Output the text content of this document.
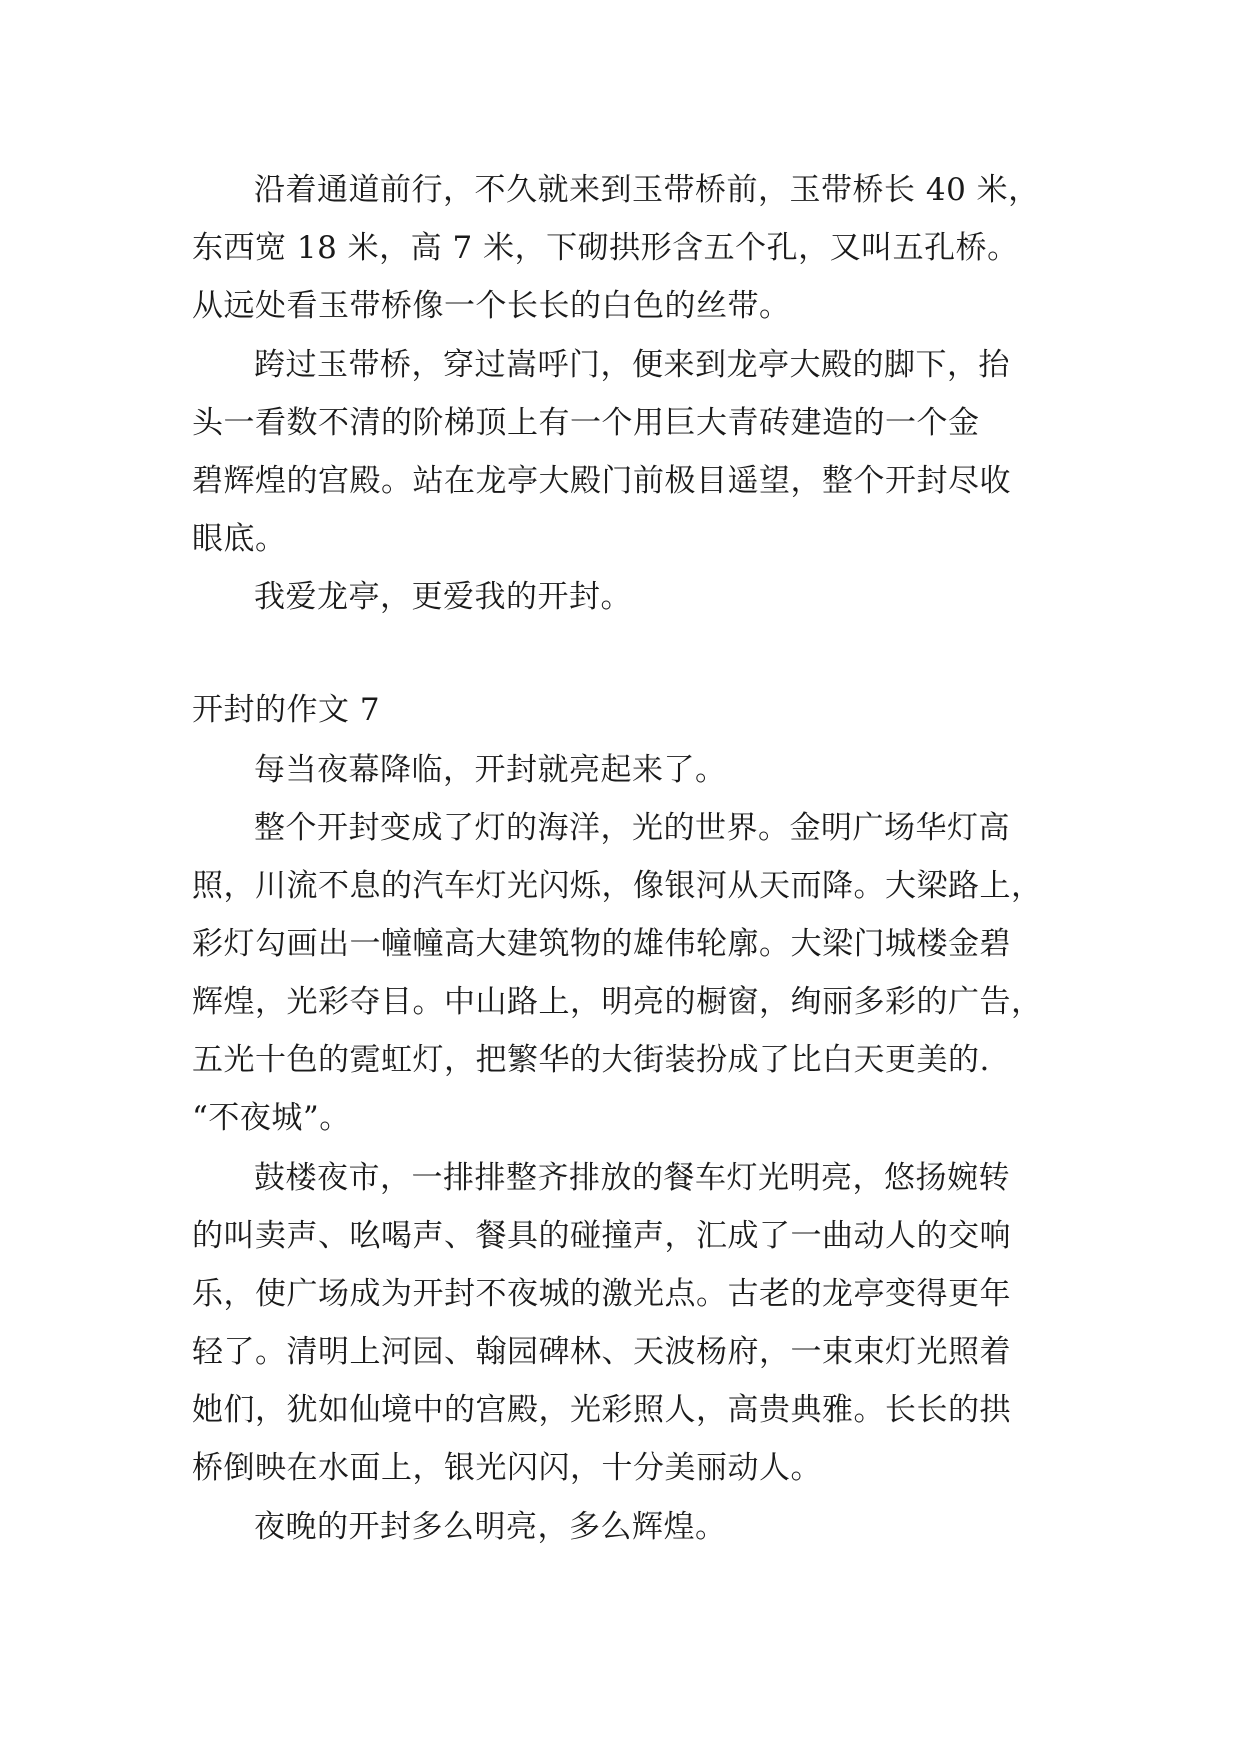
沿着通道前行，不久就来到玉带桥前，玉带桥长 40 米，
东西宽 18 米，高 7 米，下砌拱形含五个孔，又叫五孔桥。
从远处看玉带桥像一个长长的白色的丝带。
跨过玉带桥，穿过嵩呼门，便来到龙亭大殿的脚下，抬
头一看数不清的阶梯顶上有一个用巨大青砖建造的一个金
碧辉煌的宫殿。站在龙亭大殿门前极目遥望，整个开封尽收
眼底。
我爱龙亭，更爱我的开封。
开封的作文 7
每当夜幕降临，开封就亮起来了。
整个开封变成了灯的海洋，光的世界。金明广场华灯高
照，川流不息的汽车灯光闪烁，像银河从天而降。大梁路上，
彩灯勾画出一幢幢高大建筑物的雄伟轮廓。大梁门城楼金碧
辉煌，光彩夺目。中山路上，明亮的橱窗，绚丽多彩的广告，
五光十色的霓虹灯，把繁华的大街装扮成了比白天更美的.
“不夜城”。
鼓楼夜市，一排排整齐排放的餐车灯光明亮，悠扬婉转
的叫卖声、吆喝声、餐具的碰撞声，汇成了一曲动人的交响
乐，使广场成为开封不夜城的激光点。古老的龙亭变得更年
轻了。清明上河园、翰园碑林、天波杨府，一束束灯光照着
她们，犹如仙境中的宫殿，光彩照人，高贵典雅。长长的拱
桥倒映在水面上，银光闪闪，十分美丽动人。
夜晚的开封多么明亮，多么辉煌。
